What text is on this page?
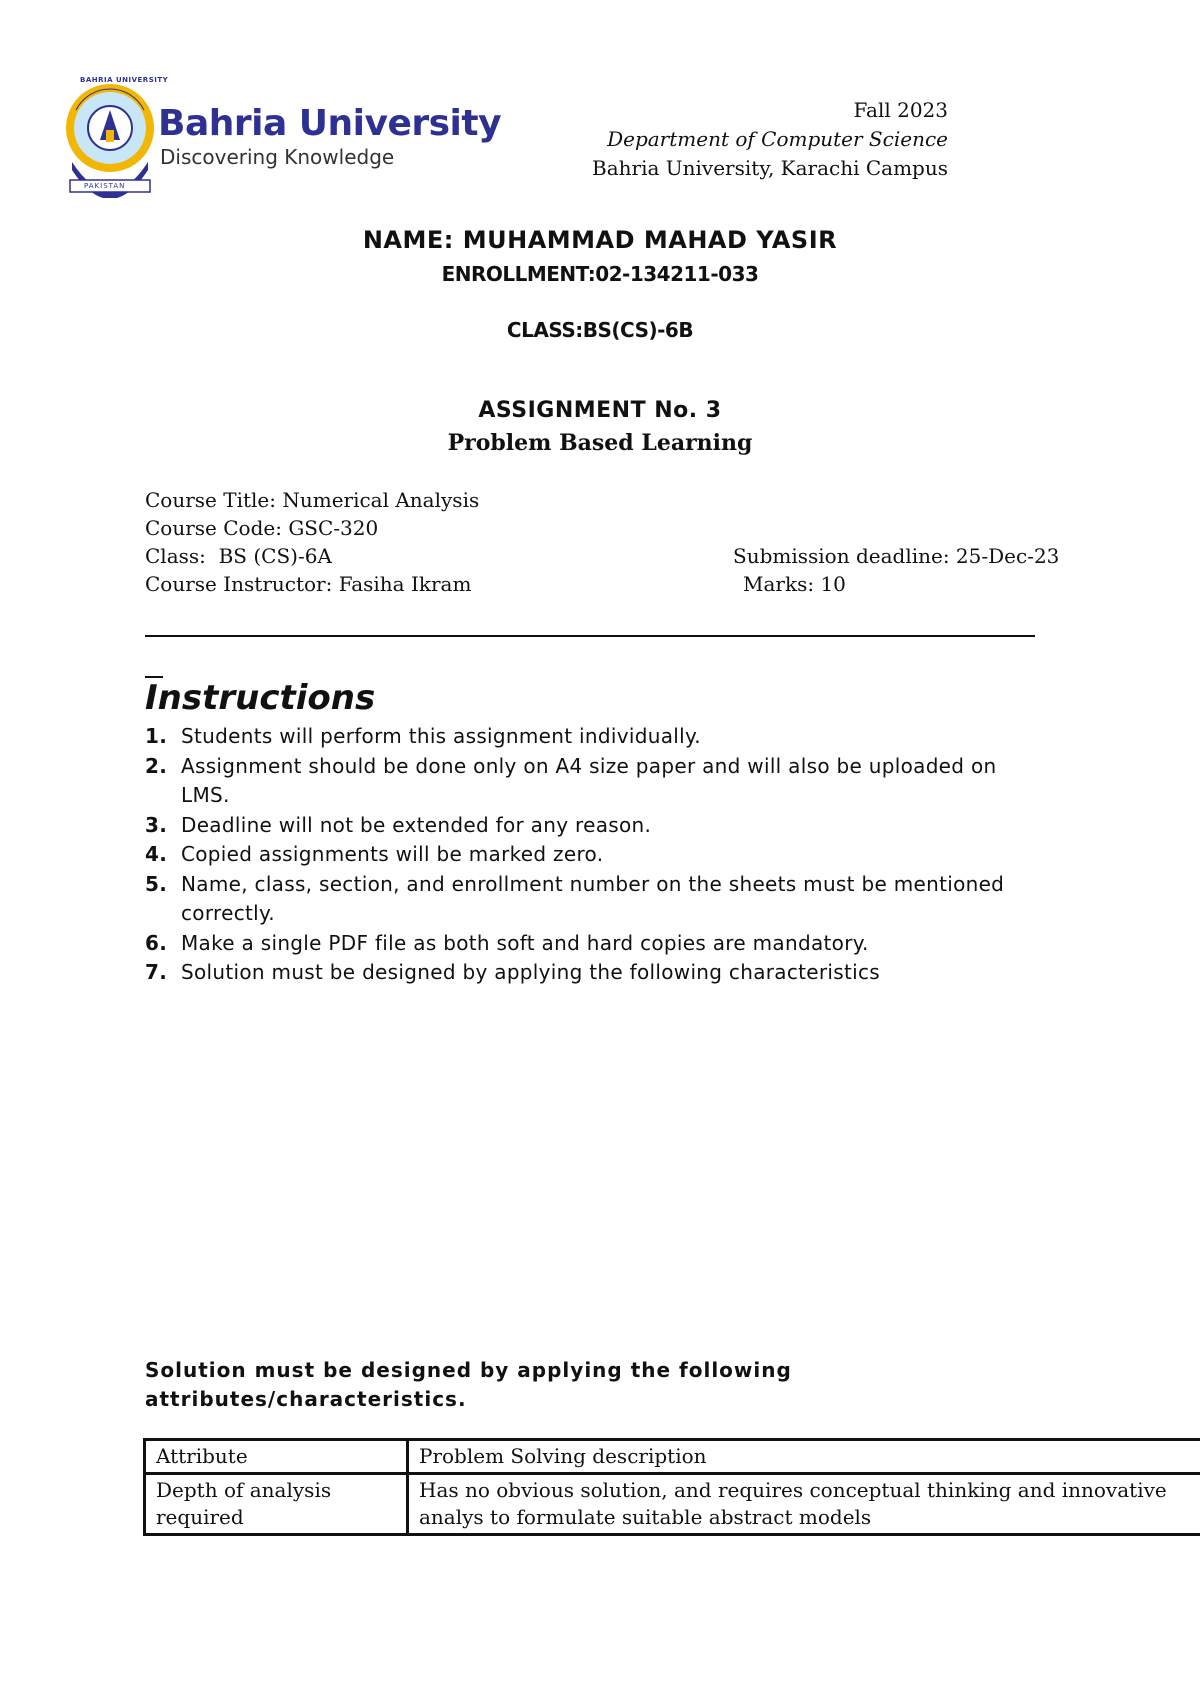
BAHRIA UNIVERSITY
PAKISTAN
Bahria University
Discovering Knowledge
Fall 2023
Department of Computer Science
Bahria University, Karachi Campus
NAME: MUHAMMAD MAHAD YASIR
ENROLLMENT:02-134211-033
CLASS:BS(CS)-6B
ASSIGNMENT No. 3
Problem Based Learning
Course Title: Numerical Analysis
Course Code: GSC-320
Class:  BS (CS)-6A
Course Instructor: Fasiha Ikram
Submission deadline: 25-Dec-23
Marks: 10
Instructions
1. Students will perform this assignment individually.
2. Assignment should be done only on A4 size paper and will also be uploaded on LMS.
3. Deadline will not be extended for any reason.
4. Copied assignments will be marked zero.
5. Name, class, section, and enrollment number on the sheets must be mentioned correctly.
6. Make a single PDF file as both soft and hard copies are mandatory.
7. Solution must be designed by applying the following characteristics
Solution must be designed by applying the following attributes/characteristics.
Attribute	Problem Solving description
Depth of analysis required	Has no obvious solution, and requires conceptual thinking and innovative analys to formulate suitable abstract models
